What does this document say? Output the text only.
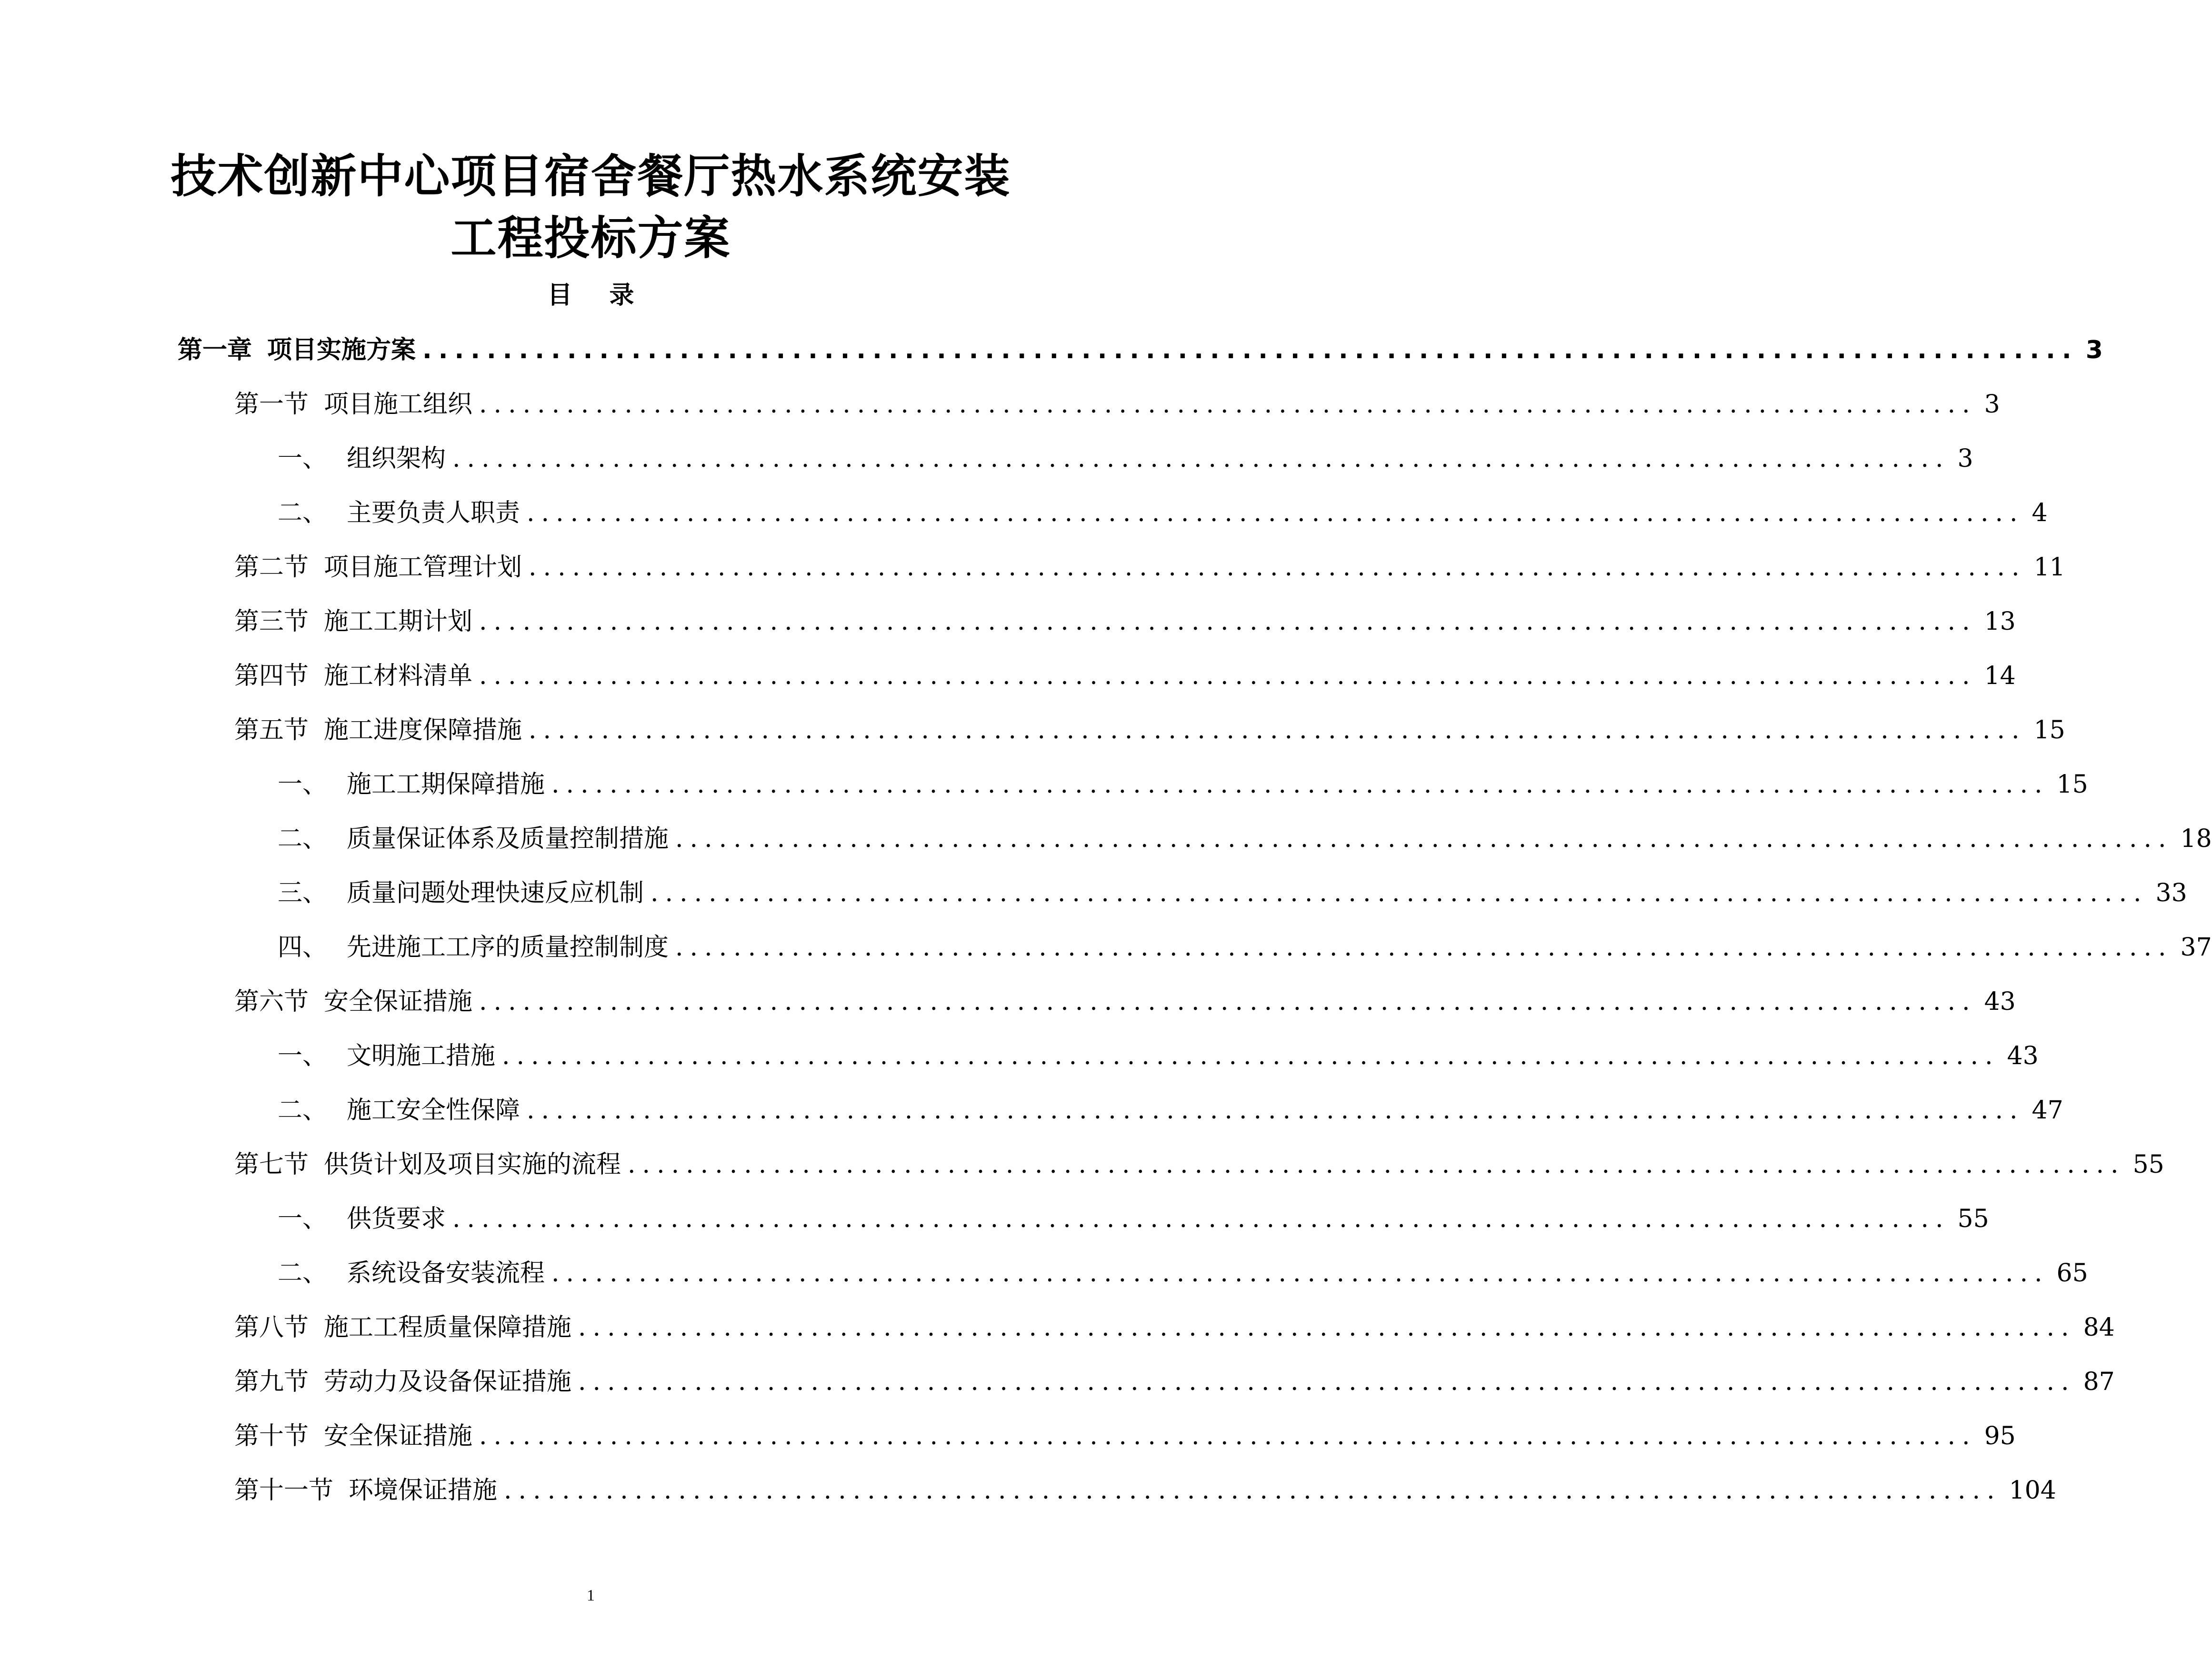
技术创新中心项目宿舍餐厅热水系统安装
工程投标方案
目 录
第一章 项目实施方案 ....................................................................................................... 3
第一节 项目施工组织 ....................................................................................................... 3
一、 组织架构 ....................................................................................................... 3
二、 主要负责人职责 ....................................................................................................... 4
第二节 项目施工管理计划 ....................................................................................................... 11
第三节 施工工期计划 ....................................................................................................... 13
第四节 施工材料清单 ....................................................................................................... 14
第五节 施工进度保障措施 ....................................................................................................... 15
一、 施工工期保障措施 ....................................................................................................... 15
二、 质量保证体系及质量控制措施 ....................................................................................................... 18
三、 质量问题处理快速反应机制 ....................................................................................................... 33
四、 先进施工工序的质量控制制度 ....................................................................................................... 37
第六节 安全保证措施 ....................................................................................................... 43
一、 文明施工措施 ....................................................................................................... 43
二、 施工安全性保障 ....................................................................................................... 47
第七节 供货计划及项目实施的流程 ....................................................................................................... 55
一、 供货要求 ....................................................................................................... 55
二、 系统设备安装流程 ....................................................................................................... 65
第八节 施工工程质量保障措施 ....................................................................................................... 84
第九节 劳动力及设备保证措施 ....................................................................................................... 87
第十节 安全保证措施 ....................................................................................................... 95
第十一节 环境保证措施 ....................................................................................................... 104
1
